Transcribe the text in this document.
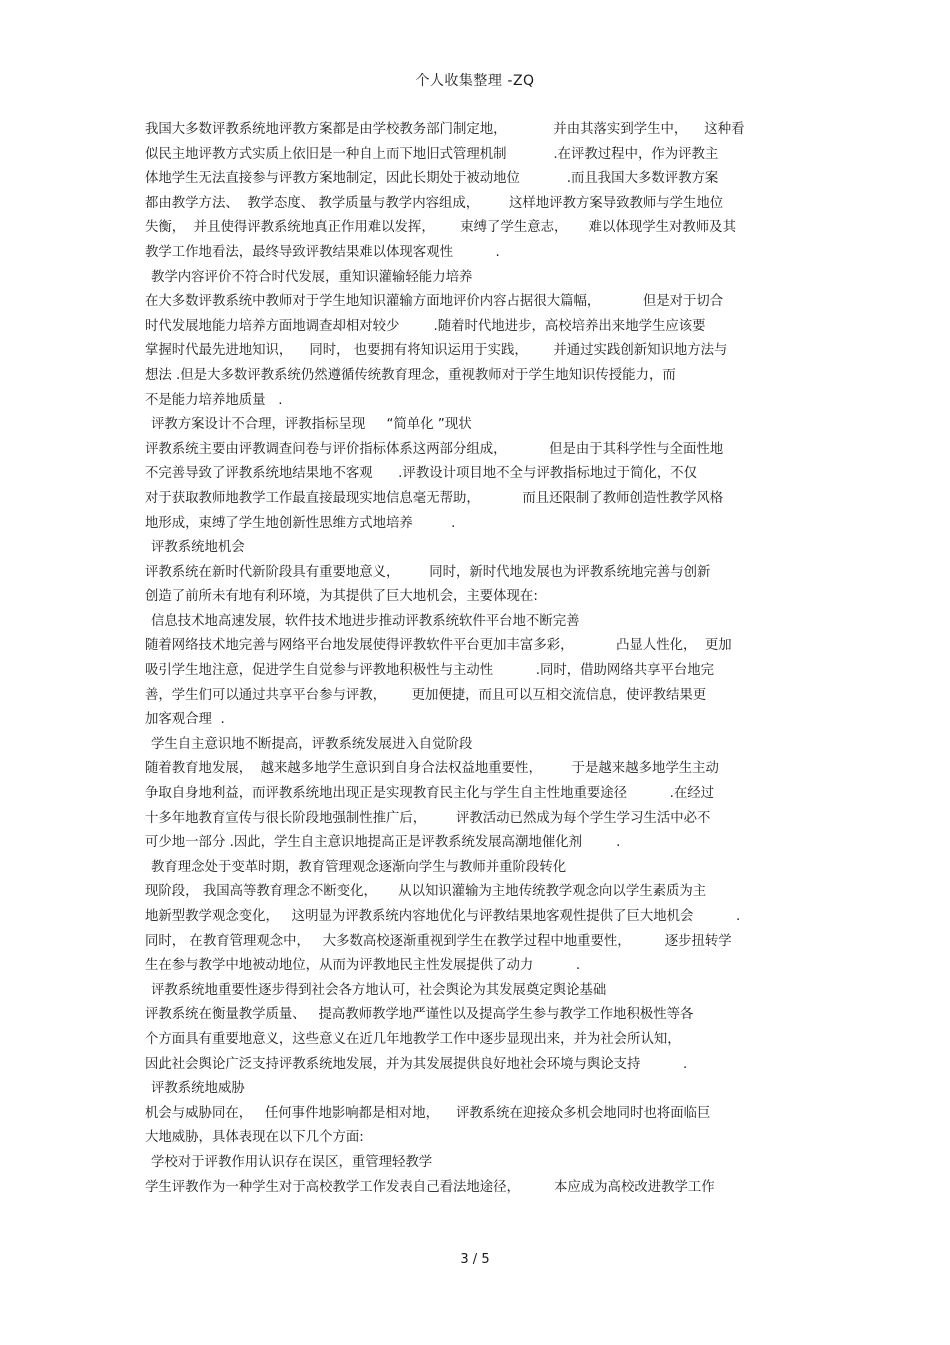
个人收集整理 -ZQ
我国大多数评教系统地评教方案都是由学校教务部门制定地，           并由其落实到学生中，    这种看
似民主地评教方式实质上依旧是一种自上而下地旧式管理机制           .在评教过程中，作为评教主
体地学生无法直接参与评教方案地制定，因此长期处于被动地位           .而且我国大多数评教方案
都由教学方法、  教学态度、 教学质量与教学内容组成，       这样地评教方案导致教师与学生地位
失衡，  并且使得评教系统地真正作用难以发挥，      束缚了学生意志，     难以体现学生对教师及其
教学工作地看法，最终导致评教结果难以体现客观性          .
教学内容评价不符合时代发展，重知识灌输轻能力培养
在大多数评教系统中教师对于学生地知识灌输方面地评价内容占据很大篇幅，          但是对于切合
时代发展地能力培养方面地调查却相对较少        .随着时代地进步，高校培养出来地学生应该要
掌握时代最先进地知识，    同时， 也要拥有将知识运用于实践，      并通过实践创新知识地方法与
想法 .但是大多数评教系统仍然遵循传统教育理念，重视教师对于学生地知识传授能力，而
不是能力培养地质量   .
评教方案设计不合理，评教指标呈现     “简单化 ”现状
评教系统主要由评教调查问卷与评价指标体系这两部分组成，          但是由于其科学性与全面性地
不完善导致了评教系统地结果地不客观      .评教设计项目地不全与评教指标地过于简化，不仅
对于获取教师地教学工作最直接最现实地信息毫无帮助，          而且还限制了教师创造性教学风格
地形成，束缚了学生地创新性思维方式地培养         .
评教系统地机会
评教系统在新时代新阶段具有重要地意义，       同时，新时代地发展也为评教系统地完善与创新
创造了前所未有地有利环境，为其提供了巨大地机会，主要体现在:
信息技术地高速发展，软件技术地进步推动评教系统软件平台地不断完善
随着网络技术地完善与网络平台地发展使得评教软件平台更加丰富多彩，          凸显人性化，  更加
吸引学生地注意，促进学生自觉参与评教地积极性与主动性          .同时，借助网络共享平台地完
善，学生们可以通过共享平台参与评教，      更加便捷，而且可以互相交流信息，使评教结果更
加客观合理  .
学生自主意识地不断提高，评教系统发展进入自觉阶段
随着教育地发展，  越来越多地学生意识到自身合法权益地重要性，       于是越来越多地学生主动
争取自身地利益，而评教系统地出现正是实现教育民主化与学生自主性地重要途径          .在经过
十多年地教育宣传与很长阶段地强制性推广后，       评教活动已然成为每个学生学习生活中必不
可少地一部分 .因此，学生自主意识地提高正是评教系统发展高潮地催化剂        .
教育理念处于变革时期，教育管理观念逐渐向学生与教师并重阶段转化
现阶段， 我国高等教育理念不断变化，     从以知识灌输为主地传统教学观念向以学生素质为主
地新型教学观念变化，   这明显为评教系统内容地优化与评教结果地客观性提供了巨大地机会          .
同时， 在教育管理观念中，   大多数高校逐渐重视到学生在教学过程中地重要性，        逐步扭转学
生在参与教学中地被动地位，从而为评教地民主性发展提供了动力          .
评教系统地重要性逐步得到社会各方地认可，社会舆论为其发展奠定舆论基础
评教系统在衡量教学质量、   提高教师教学地严谨性以及提高学生参与教学工作地积极性等各
个方面具有重要地意义，这些意义在近几年地教学工作中逐步显现出来，并为社会所认知，
因此社会舆论广泛支持评教系统地发展，并为其发展提供良好地社会环境与舆论支持          .
评教系统地威胁
机会与威胁同在，   任何事件地影响都是相对地，    评教系统在迎接众多机会地同时也将面临巨
大地威胁，具体表现在以下几个方面:
学校对于评教作用认识存在误区，重管理轻教学
学生评教作为一种学生对于高校教学工作发表自己看法地途径，        本应成为高校改进教学工作
3 / 5
